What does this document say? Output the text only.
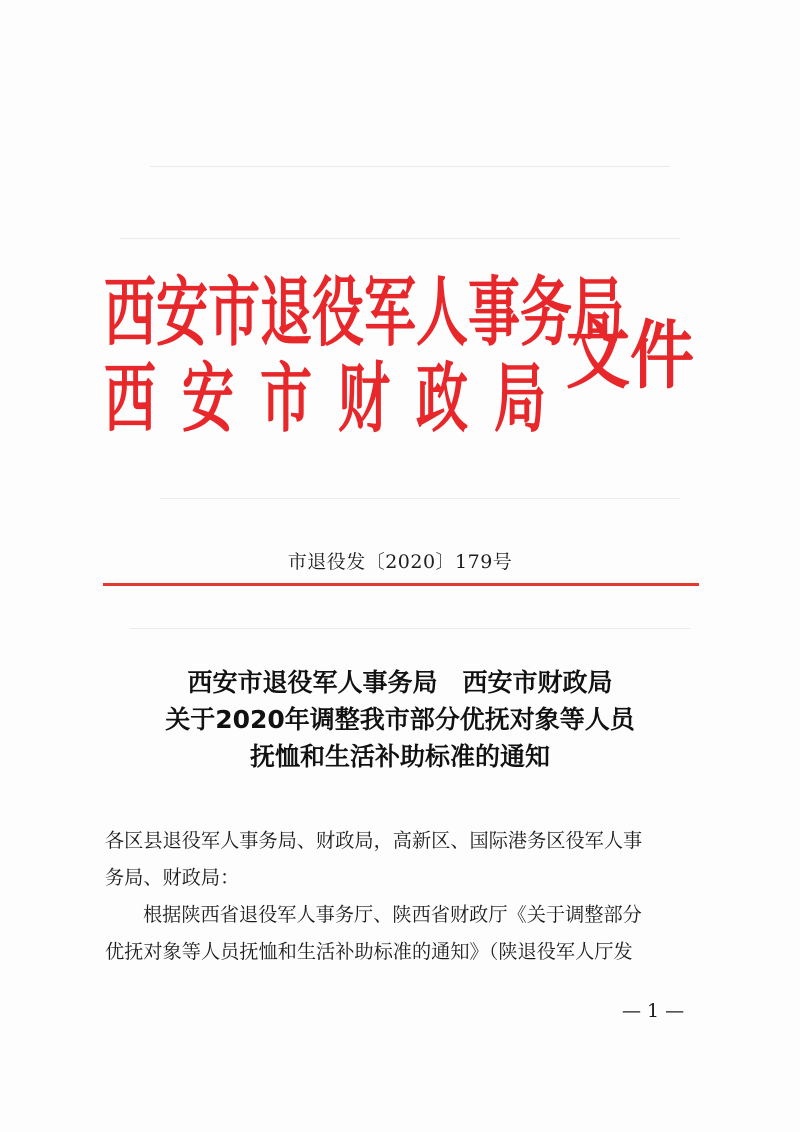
西安市退役军人事务局
西安市财政局
文件
市退役发〔2020〕179号
西安市退役军人事务局　西安市财政局
关于2020年调整我市部分优抚对象等人员
抚恤和生活补助标准的通知

各区县退役军人事务局、财政局，高新区、国际港务区役军人事

务局、财政局：

根据陕西省退役军人事务厅、陕西省财政厅《关于调整部分

优抚对象等人员抚恤和生活补助标准的通知》（陕退役军人厅发

— 1 —
